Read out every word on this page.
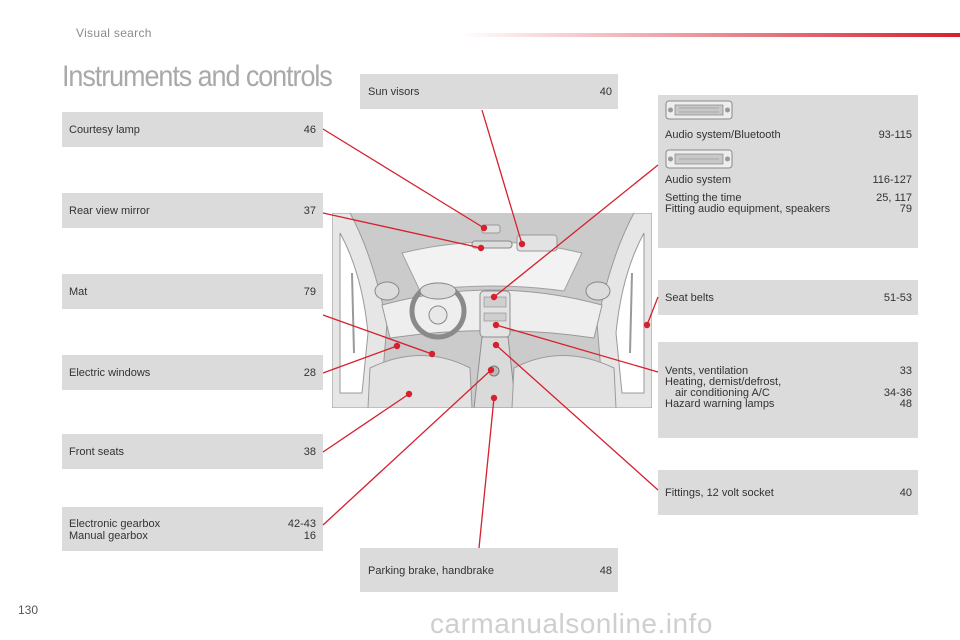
Visual search
Instruments and controls
Courtesy lamp	46
Rear view mirror	37
Mat	79
Electric windows	28
Front seats	38
Electronic gearbox	42-43
Manual gearbox	16
Sun visors	40
Parking brake, handbrake	48
Audio system/Bluetooth	93-115
Audio system	116-127
Setting the time	25, 117
Fitting audio equipment, speakers	79
Seat belts	51-53
Vents, ventilation	33
Heating, demist/defrost,
air conditioning A/C	34-36
Hazard warning lamps	48
Fittings, 12 volt socket	40
130	carmanualsonline.info
